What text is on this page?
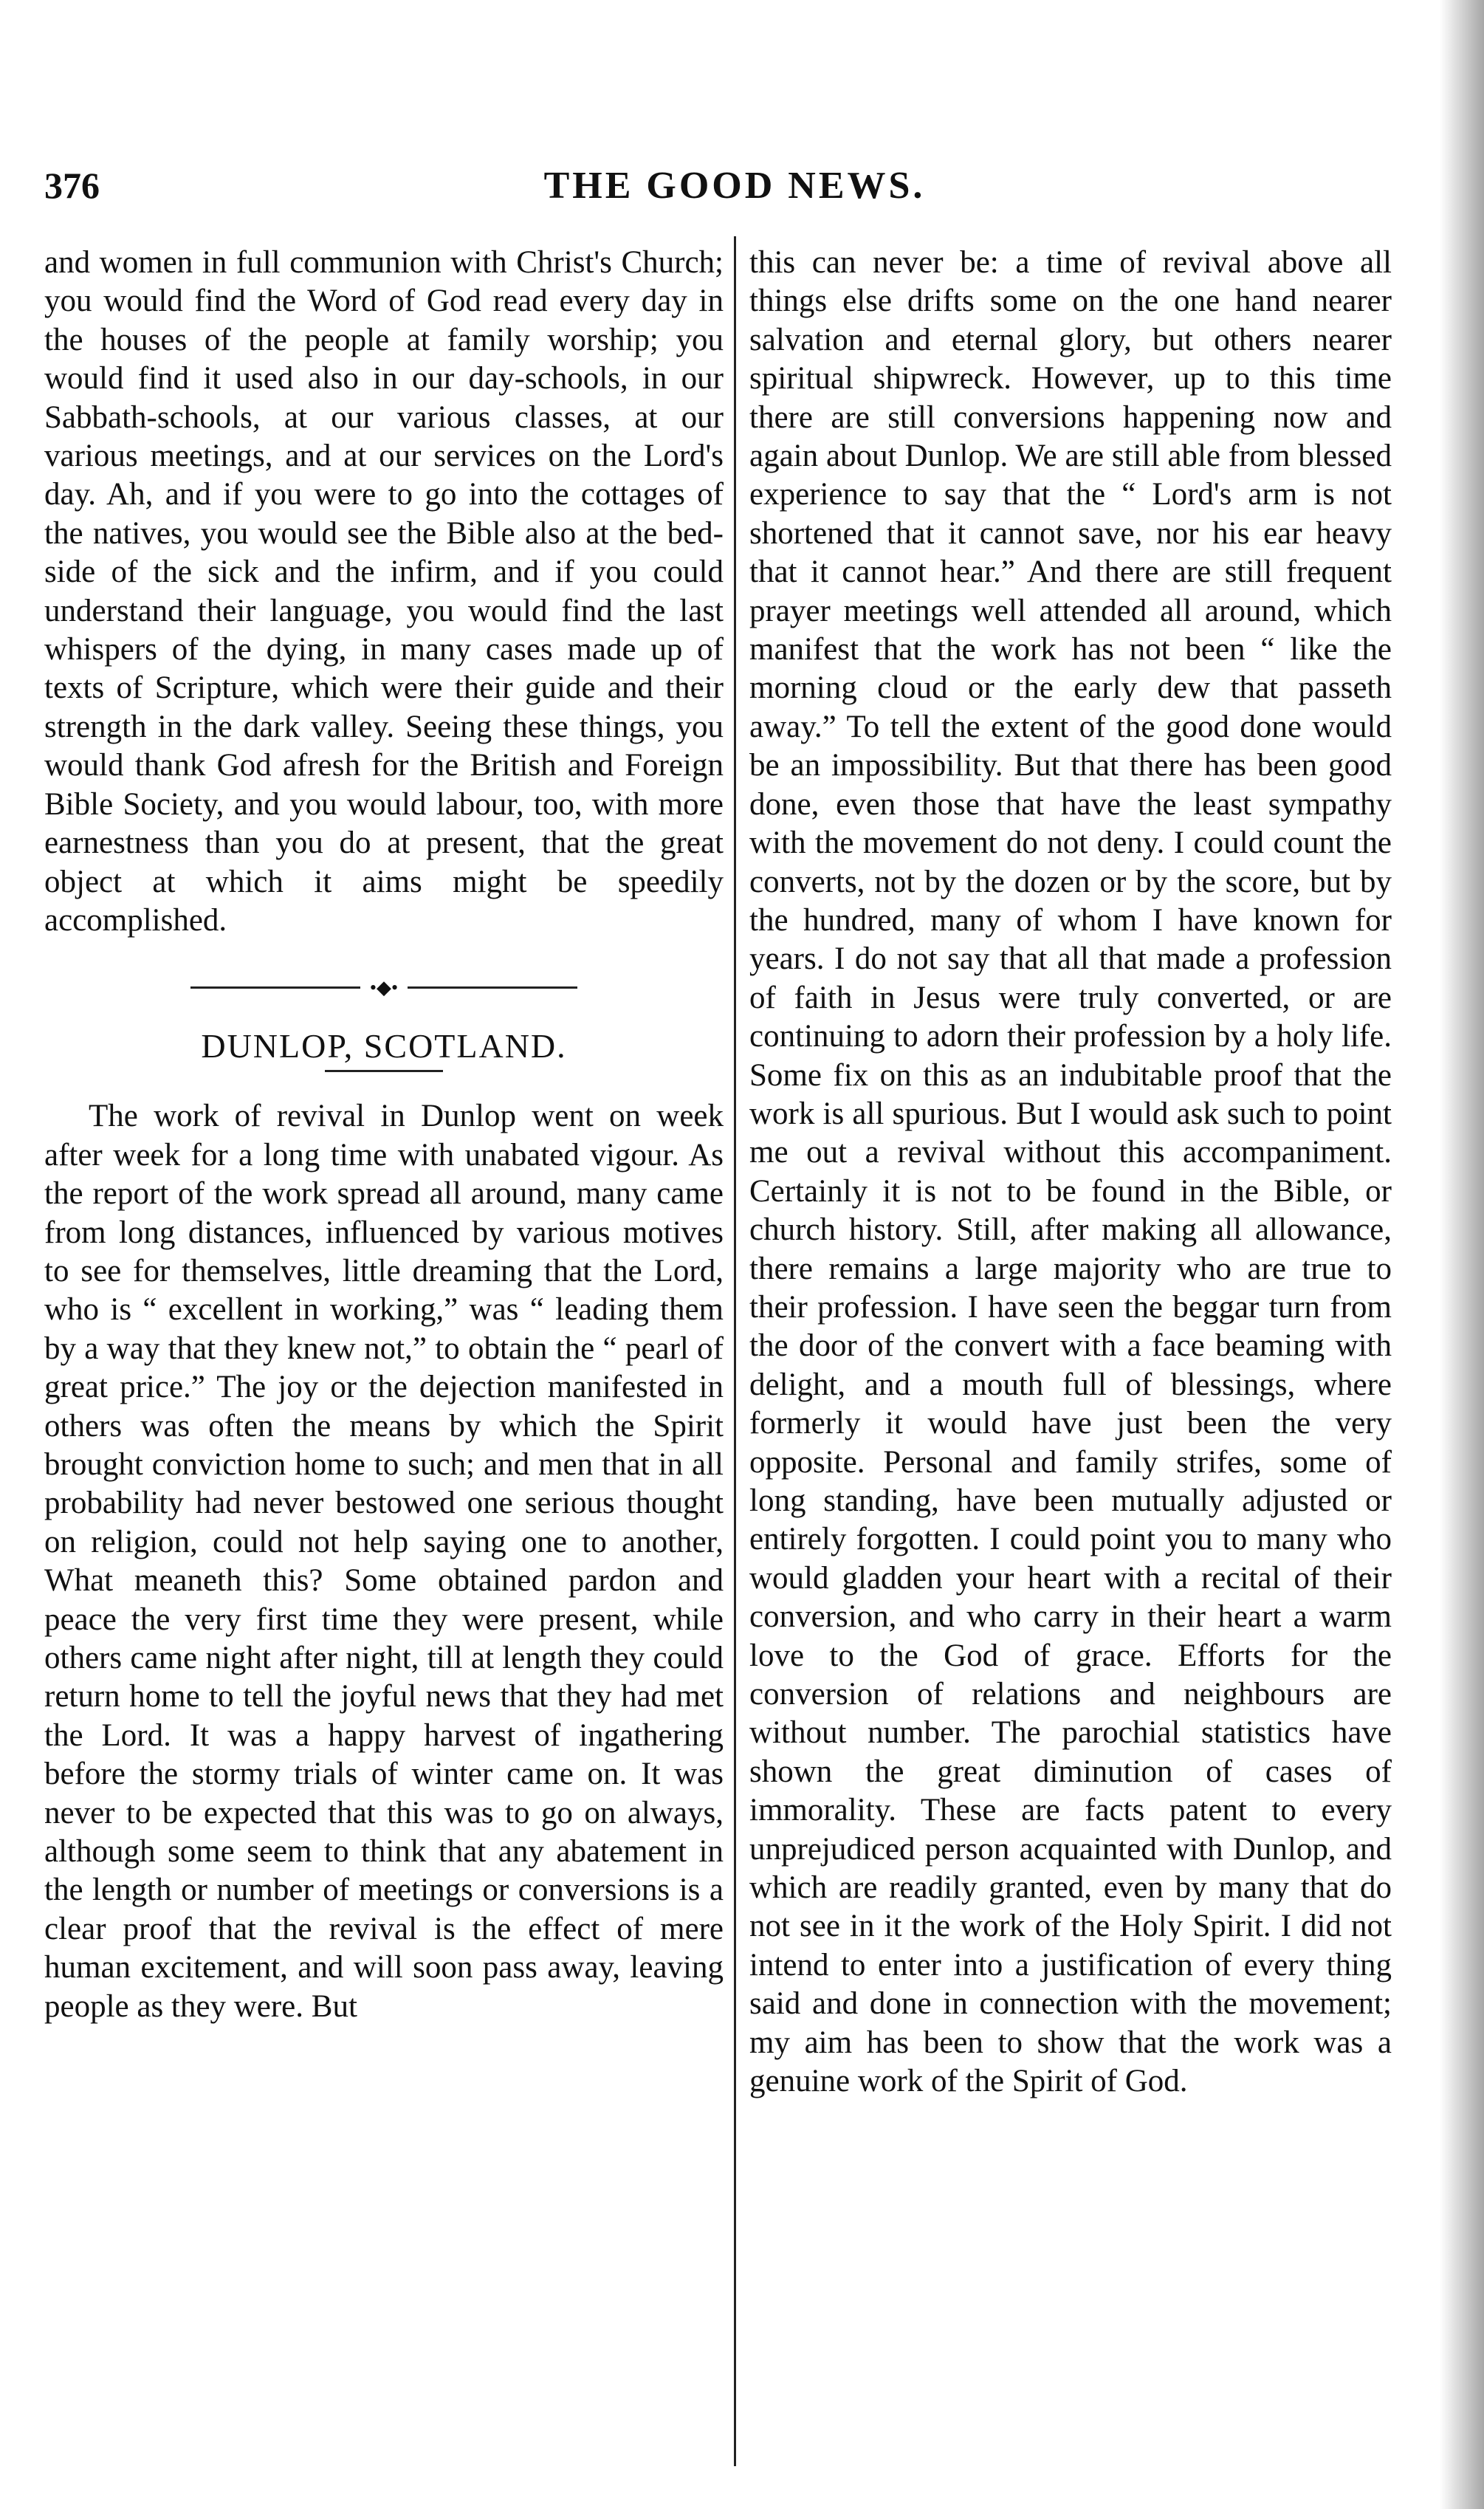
376	THE GOOD NEWS.

and women in full communion with Christ's Church; you would find the Word of God read every day in the houses of the people at family worship; you would find it used also in our day-schools, in our Sabbath-schools, at our various classes, at our various meetings, and at our services on the Lord's day. Ah, and if you were to go into the cottages of the natives, you would see the Bible also at the bed-side of the sick and the infirm, and if you could understand their language, you would find the last whispers of the dying, in many cases made up of texts of Scripture, which were their guide and their strength in the dark valley. Seeing these things, you would thank God afresh for the British and Foreign Bible Society, and you would labour, too, with more earnestness than you do at present, that the great object at which it aims might be speedily accomplished.

•◆•
DUNLOP, SCOTLAND.

The work of revival in Dunlop went on week after week for a long time with unabated vigour. As the report of the work spread all around, many came from long distances, influenced by various motives to see for themselves, little dreaming that the Lord, who is “ excellent in working,” was “ leading them by a way that they knew not,” to obtain the “ pearl of great price.” The joy or the dejection manifested in others was often the means by which the Spirit brought conviction home to such; and men that in all probability had never bestowed one serious thought on religion, could not help saying one to another, What meaneth this? Some obtained pardon and peace the very first time they were present, while others came night after night, till at length they could return home to tell the joyful news that they had met the Lord. It was a happy harvest of ingathering before the stormy trials of winter came on. It was never to be expected that this was to go on always, although some seem to think that any abatement in the length or number of meetings or conversions is a clear proof that the revival is the effect of mere human excitement, and will soon pass away, leaving people as they were. But

this can never be: a time of revival above all things else drifts some on the one hand nearer salvation and eternal glory, but others nearer spiritual shipwreck. However, up to this time there are still conversions happening now and again about Dunlop. We are still able from blessed experience to say that the “ Lord's arm is not shortened that it cannot save, nor his ear heavy that it cannot hear.” And there are still frequent prayer meetings well attended all around, which manifest that the work has not been “ like the morning cloud or the early dew that passeth away.” To tell the extent of the good done would be an impossibility. But that there has been good done, even those that have the least sympathy with the movement do not deny. I could count the converts, not by the dozen or by the score, but by the hundred, many of whom I have known for years. I do not say that all that made a profession of faith in Jesus were truly converted, or are continuing to adorn their profession by a holy life. Some fix on this as an indubitable proof that the work is all spurious. But I would ask such to point me out a revival without this accompaniment. Certainly it is not to be found in the Bible, or church history. Still, after making all allowance, there remains a large majority who are true to their profession. I have seen the beggar turn from the door of the convert with a face beaming with delight, and a mouth full of blessings, where formerly it would have just been the very opposite. Personal and family strifes, some of long standing, have been mutually adjusted or entirely forgotten. I could point you to many who would gladden your heart with a recital of their conversion, and who carry in their heart a warm love to the God of grace. Efforts for the conversion of relations and neighbours are without number. The parochial statistics have shown the great diminution of cases of immorality. These are facts patent to every unprejudiced person acquainted with Dunlop, and which are readily granted, even by many that do not see in it the work of the Holy Spirit. I did not intend to enter into a justification of every thing said and done in connection with the movement; my aim has been to show that the work was a genuine work of the Spirit of God.
